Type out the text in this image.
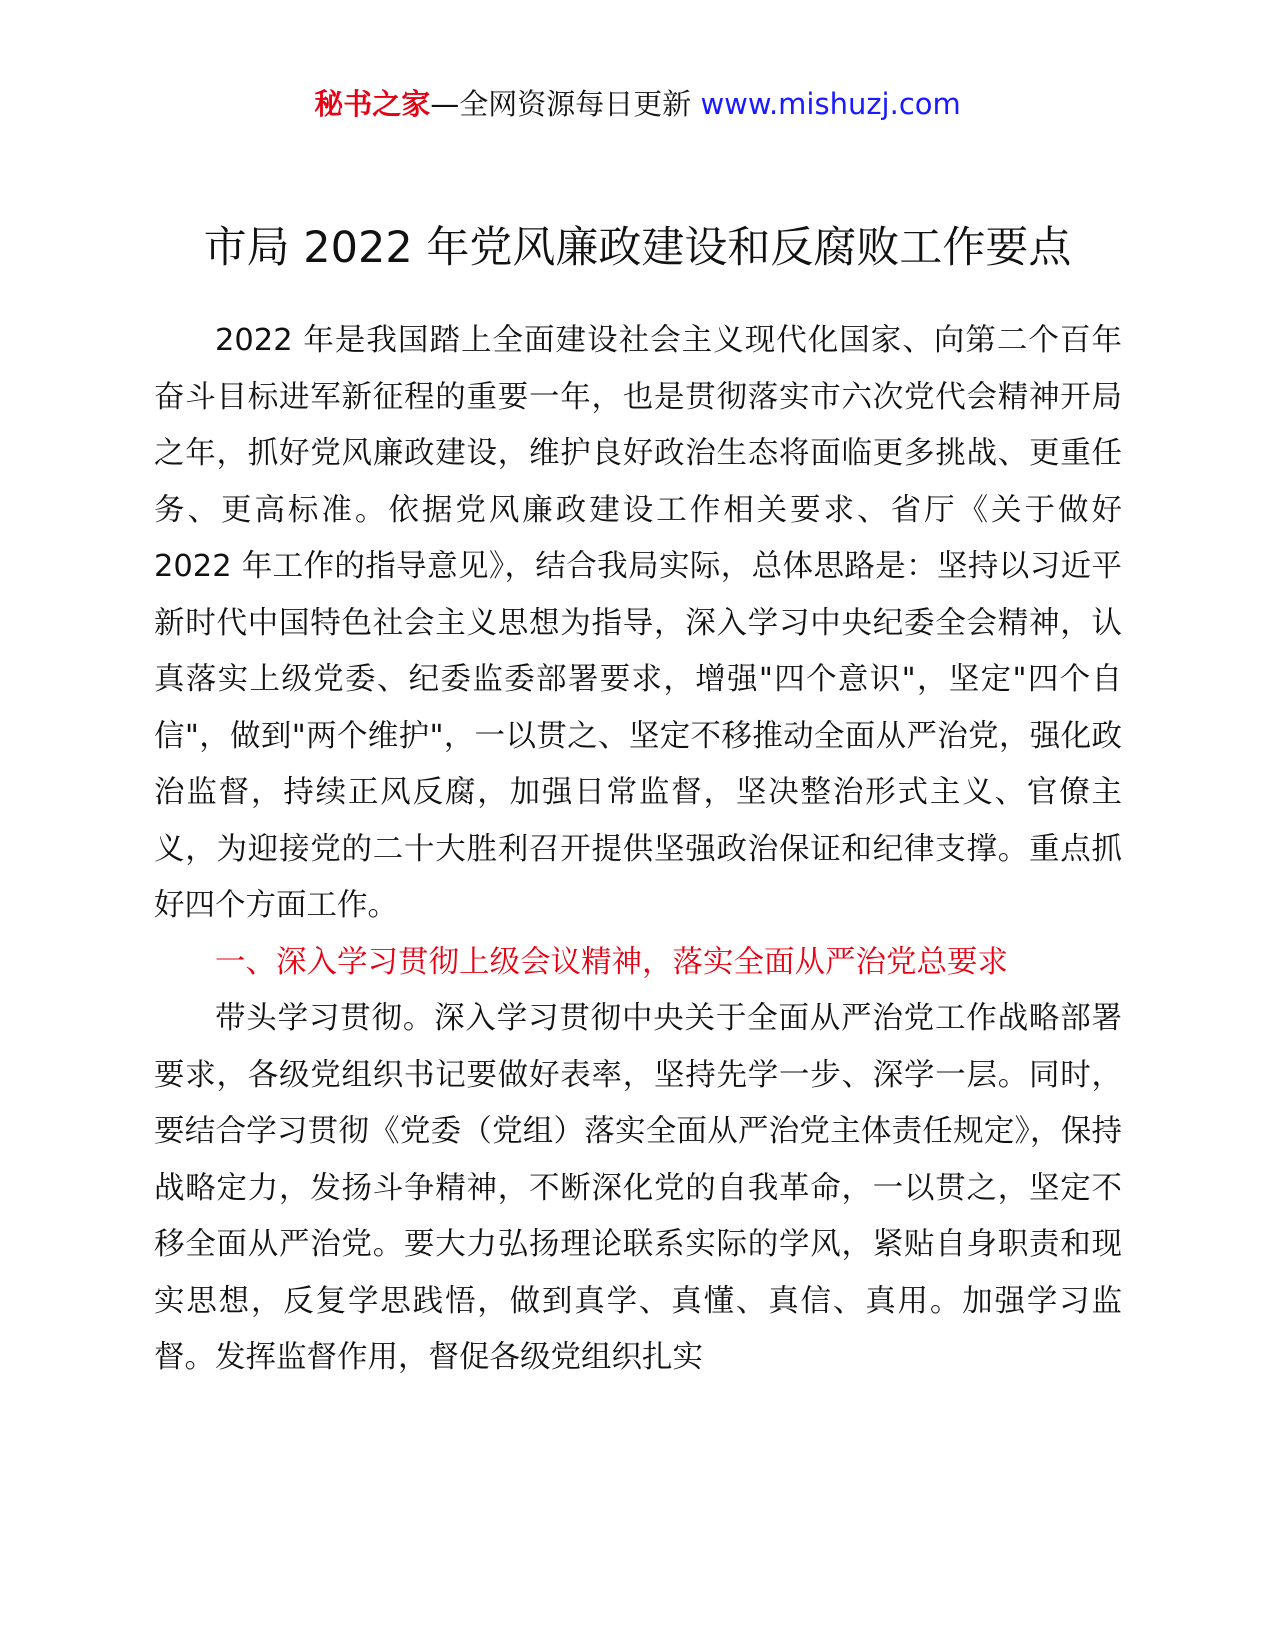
秘书之家—全网资源每日更新 www.mishuzj.com
市局 2022 年党风廉政建设和反腐败工作要点

2022 年是我国踏上全面建设社会主义现代化国家、向第二个百年奋斗目标进军新征程的重要一年，也是贯彻落实市六次党代会精神开局之年，抓好党风廉政建设，维护良好政治生态将面临更多挑战、更重任务、更高标准。依据党风廉政建设工作相关要求、省厅《关于做好 2022 年工作的指导意见》，结合我局实际，总体思路是：坚持以习近平新时代中国特色社会主义思想为指导，深入学习中央纪委全会精神，认真落实上级党委、纪委监委部署要求，增强"四个意识"，坚定"四个自信"，做到"两个维护"，一以贯之、坚定不移推动全面从严治党，强化政治监督，持续正风反腐，加强日常监督，坚决整治形式主义、官僚主义，为迎接党的二十大胜利召开提供坚强政治保证和纪律支撑。重点抓好四个方面工作。

一、深入学习贯彻上级会议精神，落实全面从严治党总要求

带头学习贯彻。深入学习贯彻中央关于全面从严治党工作战略部署要求，各级党组织书记要做好表率，坚持先学一步、深学一层。同时，要结合学习贯彻《党委（党组）落实全面从严治党主体责任规定》，保持战略定力，发扬斗争精神，不断深化党的自我革命，一以贯之，坚定不移全面从严治党。要大力弘扬理论联系实际的学风，紧贴自身职责和现实思想，反复学思践悟，做到真学、真懂、真信、真用。加强学习监督。发挥监督作用，督促各级党组织扎实
